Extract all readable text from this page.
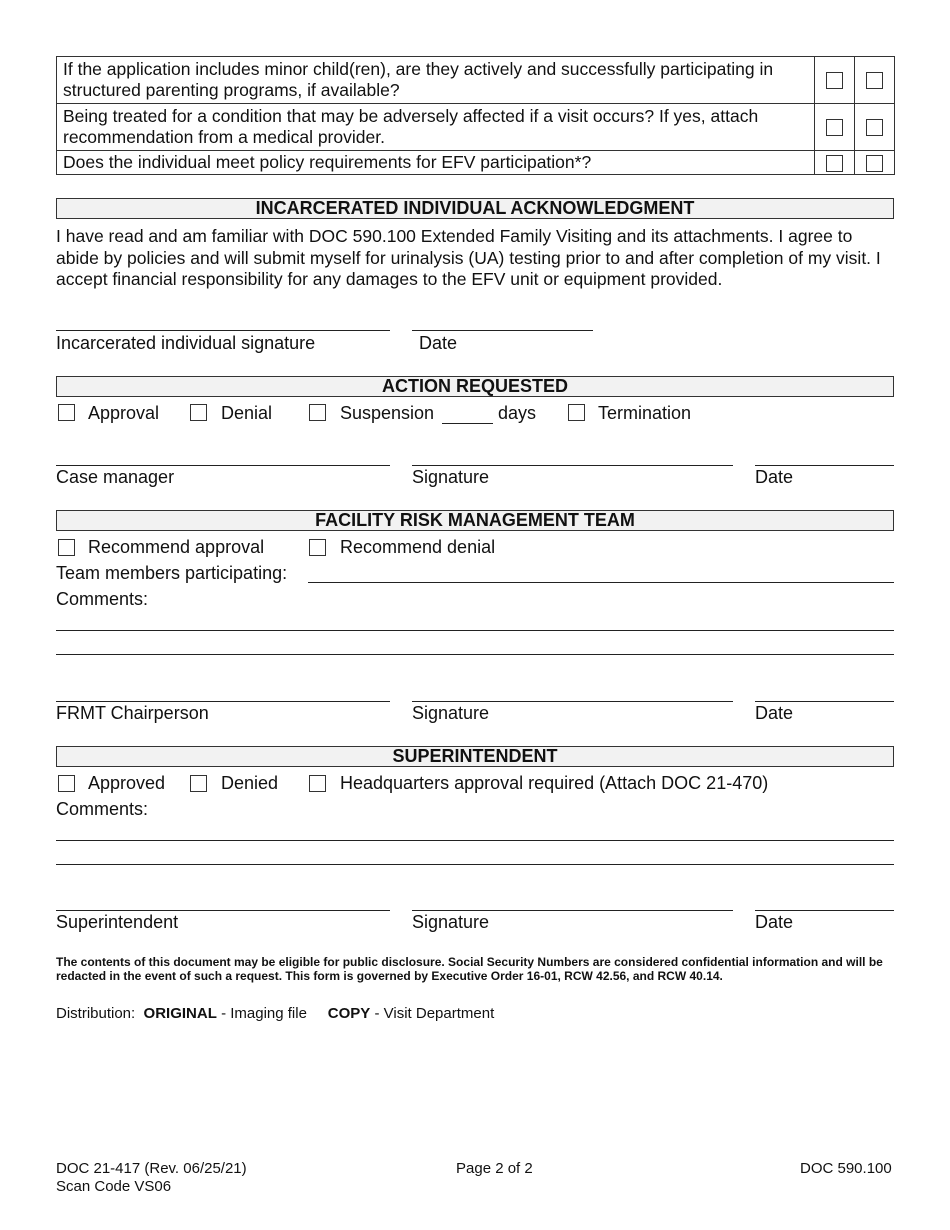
If the application includes minor child(ren), are they actively and successfully participating in structured parenting programs, if available?		
Being treated for a condition that may be adversely affected if a visit occurs? If yes, attach recommendation from a medical provider.		
Does the individual meet policy requirements for EFV participation*?		
INCARCERATED INDIVIDUAL ACKNOWLEDGMENT
I have read and am familiar with DOC 590.100 Extended Family Visiting and its attachments. I agree to abide by policies and will submit myself for urinalysis (UA) testing prior to and after completion of my visit. I accept financial responsibility for any damages to the EFV unit or equipment provided.
Incarcerated individual signature	Date
ACTION REQUESTED
Approval	Denial	Suspension	days	Termination
Case manager	Signature	Date
FACILITY RISK MANAGEMENT TEAM
Recommend approval	Recommend denial
Team members participating:
Comments:
FRMT Chairperson	Signature	Date
SUPERINTENDENT
Approved	Denied	Headquarters approval required (Attach DOC 21-470)
Comments:
Superintendent	Signature	Date
The contents of this document may be eligible for public disclosure. Social Security Numbers are considered confidential information and will be redacted in the event of such a request. This form is governed by Executive Order 16-01, RCW 42.56, and RCW 40.14.
Distribution: ORIGINAL - Imaging file COPY - Visit Department
DOC 21-417 (Rev. 06/25/21)
Scan Code VS06
Page 2 of 2	DOC 590.100
